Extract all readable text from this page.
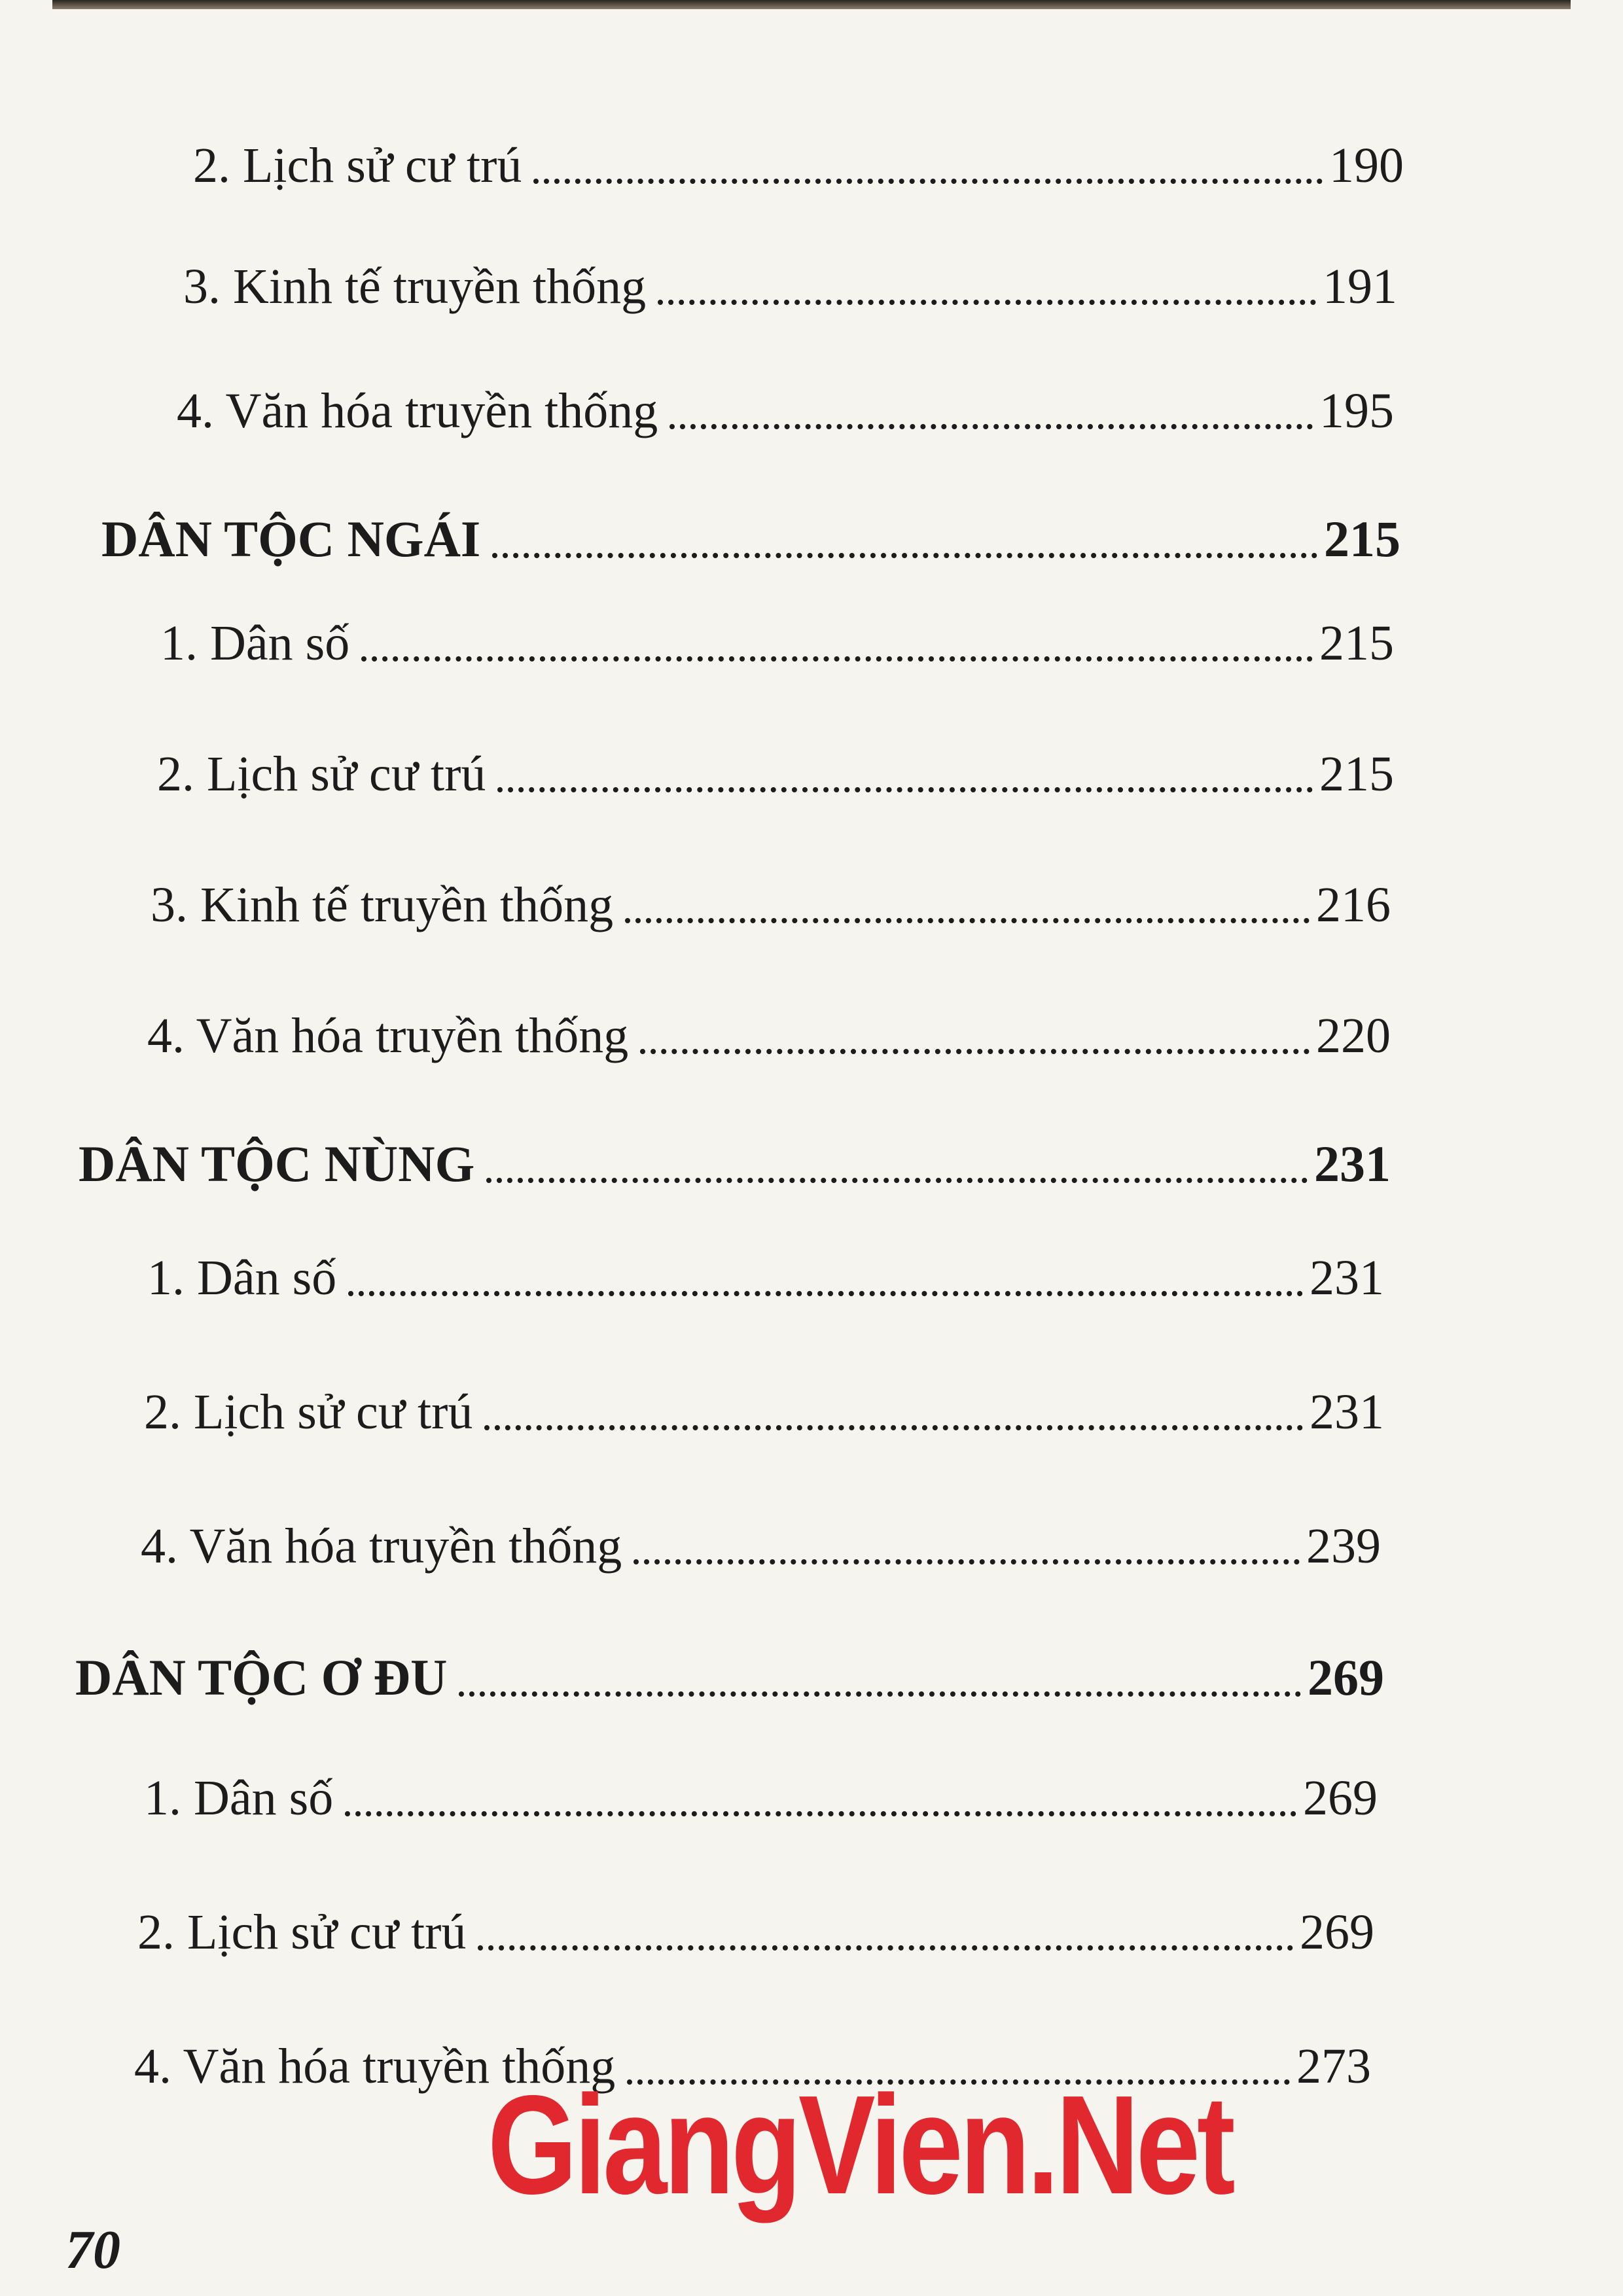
2. Lịch sử cư trú	190
3. Kinh tế truyền thống	191
4. Văn hóa truyền thống	195
DÂN TỘC NGÁI	215
1. Dân số	215
2. Lịch sử cư trú	215
3. Kinh tế truyền thống	216
4. Văn hóa truyền thống	220
DÂN TỘC NÙNG	231
1. Dân số	231
2. Lịch sử cư trú	231
4. Văn hóa truyền thống	239
DÂN TỘC Ơ ĐU	269
1. Dân số	269
2. Lịch sử cư trú	269
4. Văn hóa truyền thống	273
GiangVien.Net
70
